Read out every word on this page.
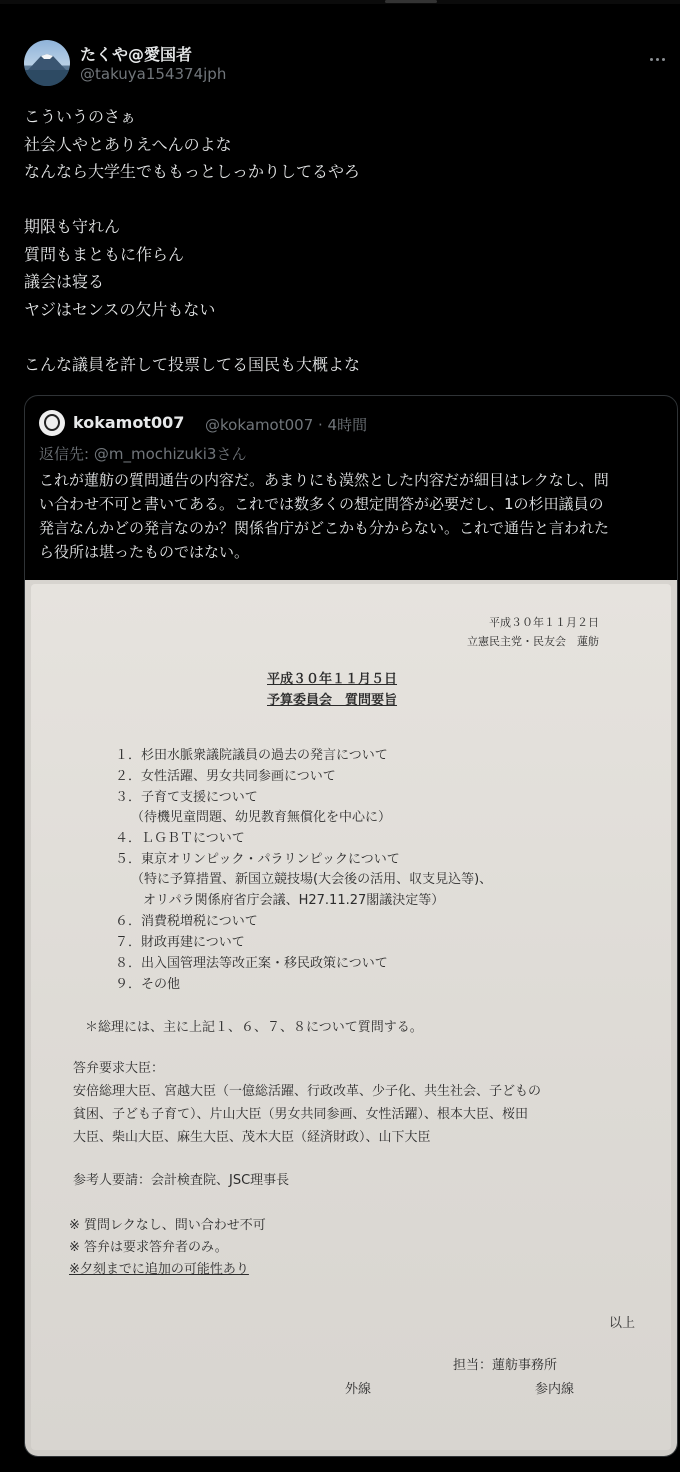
たくや@愛国者
@takuya154374jph
こういうのさぁ
社会人やとありえへんのよな
なんなら大学生でももっとしっかりしてるやろ
期限も守れん
質問もまともに作らん
議会は寝る
ヤジはセンスの欠片もない
こんな議員を許して投票してる国民も大概よな
kokamot007 @kokamot007 · 4時間
返信先: @m_mochizuki3さん
これが蓮舫の質問通告の内容だ。あまりにも漠然とした内容だが細目はレクなし、問
い合わせ不可と書いてある。これでは数多くの想定問答が必要だし、1の杉田議員の
発言なんかどの発言なのか？関係省庁がどこかも分からない。これで通告と言われた
ら役所は堪ったものではない。
平成３０年１１月２日
立憲民主党・民友会　蓮舫
平成３０年１１月５日
予算委員会　質問要旨
１．杉田水脈衆議院議員の過去の発言について
２．女性活躍、男女共同参画について
３．子育て支援について
（待機児童問題、幼児教育無償化を中心に）
４．ＬＧＢＴについて
５．東京オリンピック・パラリンピックについて
（特に予算措置、新国立競技場(大会後の活用、収支見込等)、
オリパラ関係府省庁会議、H27.11.27閣議決定等）
６．消費税増税について
７．財政再建について
８．出入国管理法等改正案・移民政策について
９．その他
＊総理には、主に上記１、６、７、８について質問する。
答弁要求大臣：
安倍総理大臣、宮越大臣（一億総活躍、行政改革、少子化、共生社会、子どもの
貧困、子ども子育て）、片山大臣（男女共同参画、女性活躍）、根本大臣、桜田
大臣、柴山大臣、麻生大臣、茂木大臣（経済財政）、山下大臣
参考人要請：会計検査院、JSC理事長
※ 質問レクなし、問い合わせ不可
※ 答弁は要求答弁者のみ。
※夕刻までに追加の可能性あり
以上
担当：蓮舫事務所
外線	参内線
